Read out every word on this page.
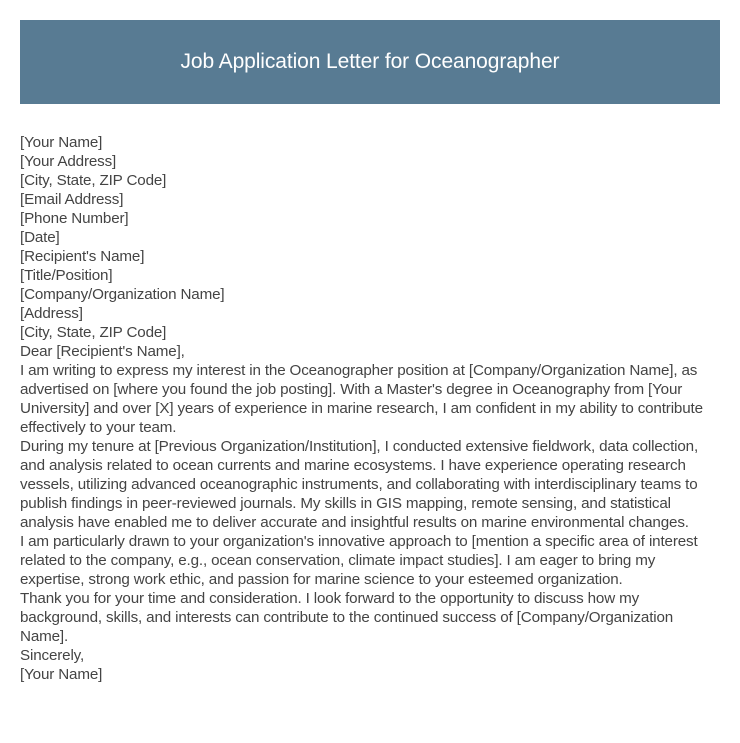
Job Application Letter for Oceanographer

[Your Name]

[Your Address]

[City, State, ZIP Code]

[Email Address]

[Phone Number]

[Date]

[Recipient's Name]

[Title/Position]

[Company/Organization Name]

[Address]

[City, State, ZIP Code]

Dear [Recipient's Name],

I am writing to express my interest in the Oceanographer position at [Company/Organization Name], as advertised on [where you found the job posting]. With a Master's degree in Oceanography from [Your University] and over [X] years of experience in marine research, I am confident in my ability to contribute effectively to your team.

During my tenure at [Previous Organization/Institution], I conducted extensive fieldwork, data collection, and analysis related to ocean currents and marine ecosystems. I have experience operating research vessels, utilizing advanced oceanographic instruments, and collaborating with interdisciplinary teams to publish findings in peer-reviewed journals. My skills in GIS mapping, remote sensing, and statistical analysis have enabled me to deliver accurate and insightful results on marine environmental changes.

I am particularly drawn to your organization's innovative approach to [mention a specific area of interest related to the company, e.g., ocean conservation, climate impact studies]. I am eager to bring my expertise, strong work ethic, and passion for marine science to your esteemed organization.

Thank you for your time and consideration. I look forward to the opportunity to discuss how my background, skills, and interests can contribute to the continued success of [Company/Organization Name].

Sincerely,

[Your Name]
